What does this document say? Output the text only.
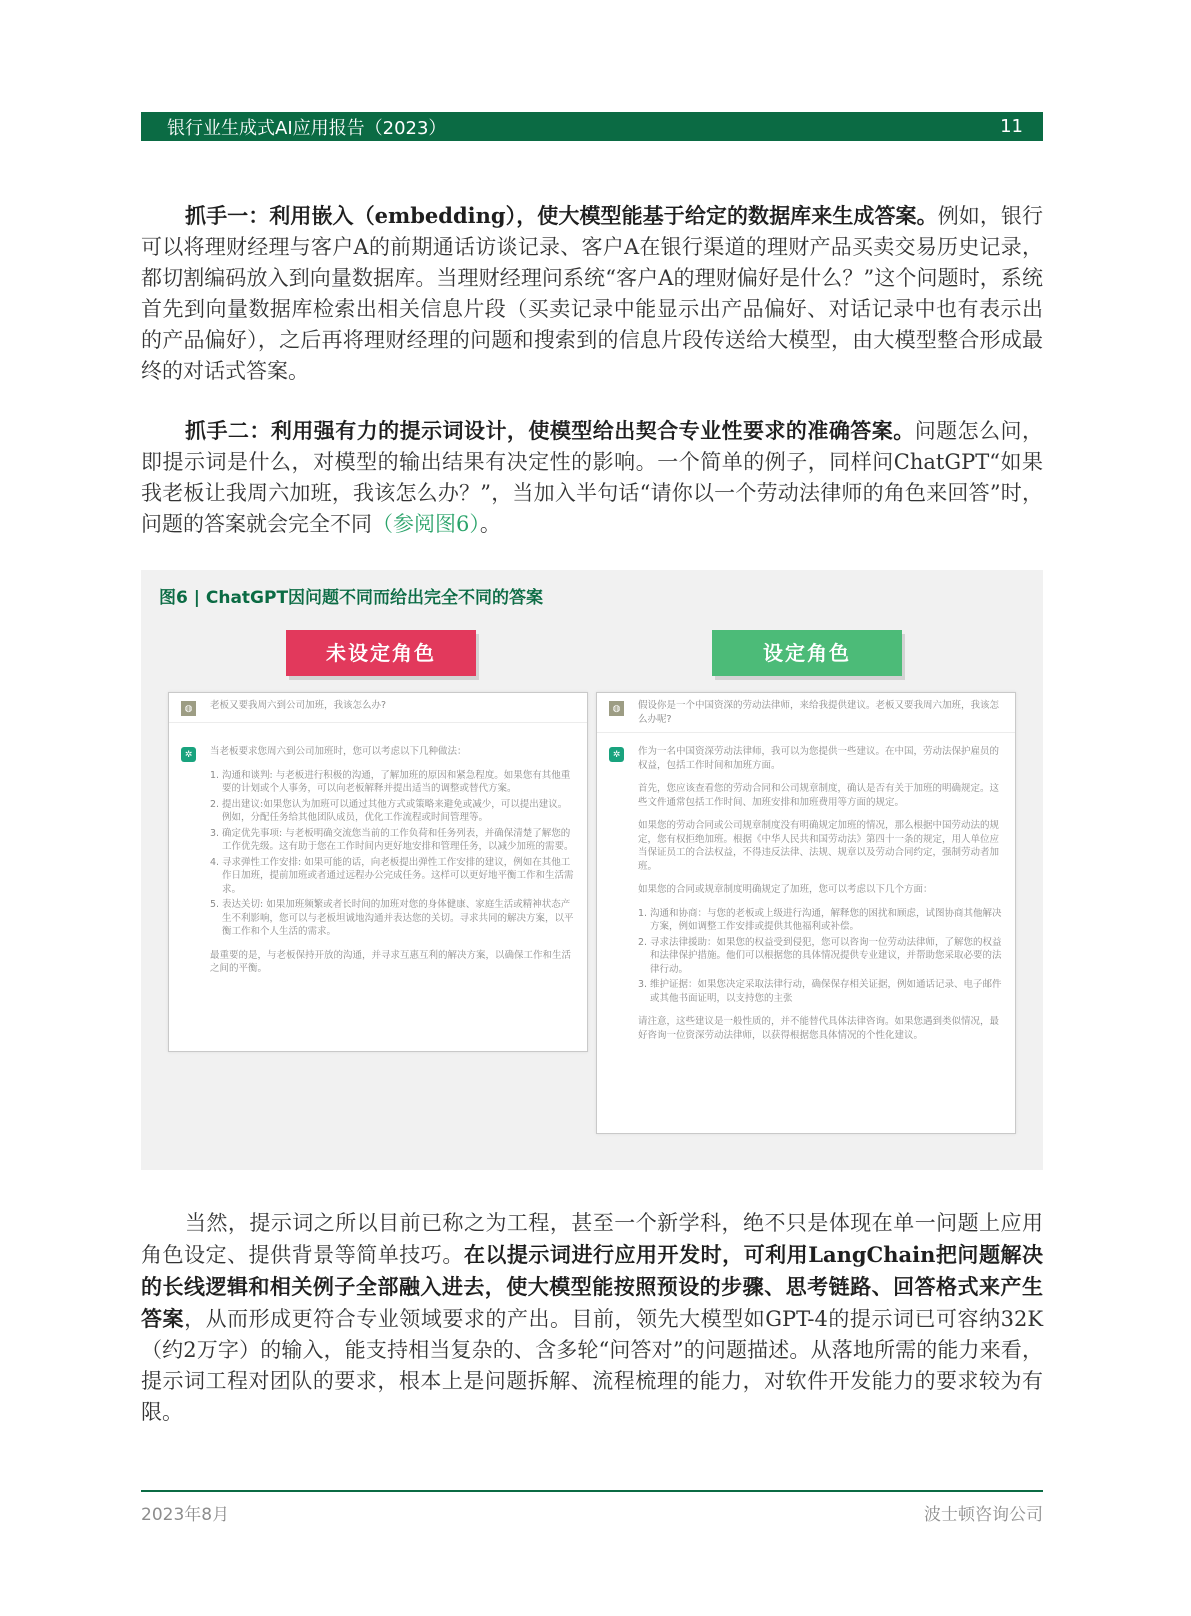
银行业生成式AI应用报告（2023）	11

抓手一：利用嵌入（embedding），使大模型能基于给定的数据库来生成答案。例如，银行可以将理财经理与客户A的前期通话访谈记录、客户A在银行渠道的理财产品买卖交易历史记录，都切割编码放入到向量数据库。当理财经理问系统“客户A的理财偏好是什么？”这个问题时，系统首先到向量数据库检索出相关信息片段（买卖记录中能显示出产品偏好、对话记录中也有表示出的产品偏好），之后再将理财经理的问题和搜索到的信息片段传送给大模型，由大模型整合形成最终的对话式答案。

抓手二：利用强有力的提示词设计，使模型给出契合专业性要求的准确答案。问题怎么问，即提示词是什么，对模型的输出结果有决定性的影响。一个简单的例子，同样问ChatGPT“如果我老板让我周六加班，我该怎么办？”，当加入半句话“请你以一个劳动法律师的角色来回答”时，问题的答案就会完全不同（参阅图6）。

图6 | ChatGPT因问题不同而给出完全不同的答案
未设定角色	设定角色
◍	老板又要我周六到公司加班，我该怎么办?
✲	当老板要求您周六到公司加班时，您可以考虑以下几种做法：

1. 沟通和谈判: 与老板进行积极的沟通，了解加班的原因和紧急程度。如果您有其他重要的计划或个人事务，可以向老板解释并提出适当的调整或替代方案。
2. 提出建议:如果您认为加班可以通过其他方式或策略来避免或减少，可以提出建议。例如，分配任务给其他团队成员，优化工作流程或时间管理等。
3. 确定优先事项: 与老板明确交流您当前的工作负荷和任务列表，并确保清楚了解您的工作优先级。这有助于您在工作时间内更好地安排和管理任务，以减少加班的需要。
4. 寻求弹性工作安排: 如果可能的话，向老板提出弹性工作安排的建议，例如在其他工作日加班，提前加班或者通过远程办公完成任务。这样可以更好地平衡工作和生活需求。
5. 表达关切: 如果加班频繁或者长时间的加班对您的身体健康、家庭生活或精神状态产生不利影响，您可以与老板坦诚地沟通并表达您的关切。寻求共同的解决方案，以平衡工作和个人生活的需求。

最重要的是，与老板保持开放的沟通，并寻求互惠互利的解决方案，以确保工作和生活之间的平衡。

◍	假设你是一个中国资深的劳动法律师，来给我提供建议。老板又要我周六加班，我该怎么办呢?
✲	作为一名中国资深劳动法律师，我可以为您提供一些建议。在中国，劳动法保护雇员的权益，包括工作时间和加班方面。

首先，您应该查看您的劳动合同和公司规章制度，确认是否有关于加班的明确规定。这些文件通常包括工作时间、加班安排和加班费用等方面的规定。

如果您的劳动合同或公司规章制度没有明确规定加班的情况，那么根据中国劳动法的规定，您有权拒绝加班。根据《中华人民共和国劳动法》第四十一条的规定，用人单位应当保证员工的合法权益，不得违反法律、法规、规章以及劳动合同约定，强制劳动者加班。

如果您的合同或规章制度明确规定了加班，您可以考虑以下几个方面：

1. 沟通和协商：与您的老板或上级进行沟通，解释您的困扰和顾虑，试图协商其他解决方案，例如调整工作安排或提供其他福利或补偿。
2. 寻求法律援助：如果您的权益受到侵犯，您可以咨询一位劳动法律师，了解您的权益和法律保护措施。他们可以根据您的具体情况提供专业建议，并帮助您采取必要的法律行动。
3. 维护证据：如果您决定采取法律行动，确保保存相关证据，例如通话记录、电子邮件或其他书面证明，以支持您的主张

请注意，这些建议是一般性质的，并不能替代具体法律咨询。如果您遇到类似情况，最好咨询一位资深劳动法律师，以获得根据您具体情况的个性化建议。

当然，提示词之所以目前已称之为工程，甚至一个新学科，绝不只是体现在单一问题上应用角色设定、提供背景等简单技巧。在以提示词进行应用开发时，可利用LangChain把问题解决的长线逻辑和相关例子全部融入进去，使大模型能按照预设的步骤、思考链路、回答格式来产生答案，从而形成更符合专业领域要求的产出。目前，领先大模型如GPT-4的提示词已可容纳32K（约2万字）的输入，能支持相当复杂的、含多轮“问答对”的问题描述。从落地所需的能力来看，提示词工程对团队的要求，根本上是问题拆解、流程梳理的能力，对软件开发能力的要求较为有限。

2023年8月	波士顿咨询公司
